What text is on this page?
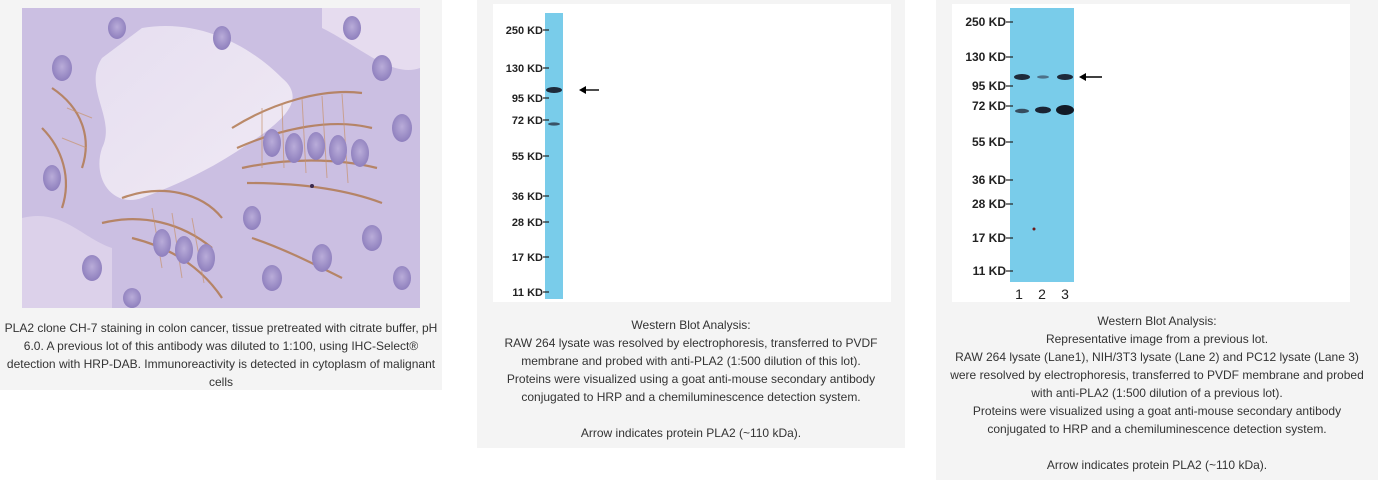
PLA2 clone CH-7 staining in colon cancer, tissue pretreated with citrate buffer, pH 6.0. A previous lot of this antibody was diluted to 1:100, using IHC-Select® detection with HRP-DAB. Immunoreactivity is detected in cytoplasm of malignant cells
250 KD
130 KD
95 KD
72 KD
55 KD
36 KD
28 KD
17 KD
11 KD
Western Blot Analysis:
RAW 264 lysate was resolved by electrophoresis, transferred to PVDF
membrane and probed with anti-PLA2 (1:500 dilution of this lot).
Proteins were visualized using a goat anti-mouse secondary antibody
conjugated to HRP and a chemiluminescence detection system.
Arrow indicates protein PLA2 (~110 kDa).
250 KD
130 KD
95 KD
72 KD
55 KD
36 KD
28 KD
17 KD
11 KD
1 2 3
Western Blot Analysis:
Representative image from a previous lot.
RAW 264 lysate (Lane1), NIH/3T3 lysate (Lane 2) and PC12 lysate (Lane 3)
were resolved by electrophoresis, transferred to PVDF membrane and probed
with anti-PLA2 (1:500 dilution of a previous lot).
Proteins were visualized using a goat anti-mouse secondary antibody
conjugated to HRP and a chemiluminescence detection system.
Arrow indicates protein PLA2 (~110 kDa).
